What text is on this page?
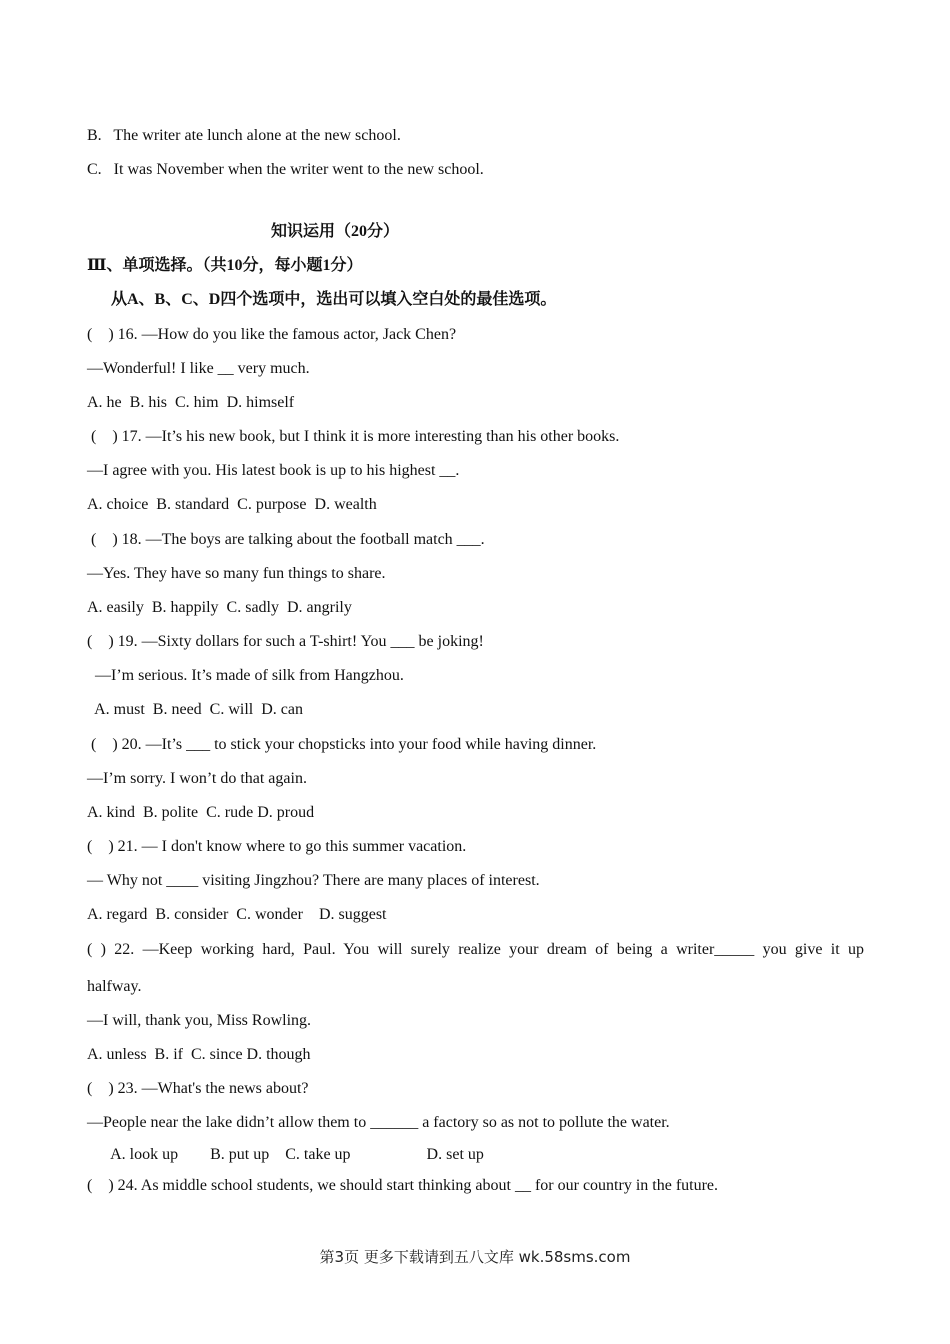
B.   The writer ate lunch alone at the new school.
C.   It was November when the writer went to the new school.
知识运用（20分）
Ⅲ、单项选择。（共10分，每小题1分）
从A、B、C、D四个选项中，选出可以填入空白处的最佳选项。
(    ) 16. —How do you like the famous actor, Jack Chen?
—Wonderful! I like __ very much.
A. he  B. his  C. him  D. himself
(    ) 17. —It’s his new book, but I think it is more interesting than his other books.
—I agree with you. His latest book is up to his highest __.
A. choice  B. standard  C. purpose  D. wealth
(    ) 18. —The boys are talking about the football match ___.
—Yes. They have so many fun things to share.
A. easily  B. happily  C. sadly  D. angrily
(    ) 19. —Sixty dollars for such a T-shirt! You ___ be joking!
—I’m serious. It’s made of silk from Hangzhou.
A. must  B. need  C. will  D. can
(    ) 20. —It’s ___ to stick your chopsticks into your food while having dinner.
—I’m sorry. I won’t do that again.
A. kind  B. polite  C. rude D. proud
(    ) 21. — I don't know where to go this summer vacation.
— Why not ____ visiting Jingzhou? There are many places of interest.
A. regard  B. consider  C. wonder    D. suggest
( ) 22. —Keep working hard, Paul. You will surely realize your dream of being a writer_____ you give it up
halfway.
—I will, thank you, Miss Rowling.
A. unless  B. if  C. since D. though
(    ) 23. —What's the news about?
—People near the lake didn’t allow them to ______ a factory so as not to pollute the water.
A. look up        B. put up    C. take up                   D. set up
(    ) 24. As middle school students, we should start thinking about __ for our country in the future.
第3页 更多下载请到五八文库 wk.58sms.com
